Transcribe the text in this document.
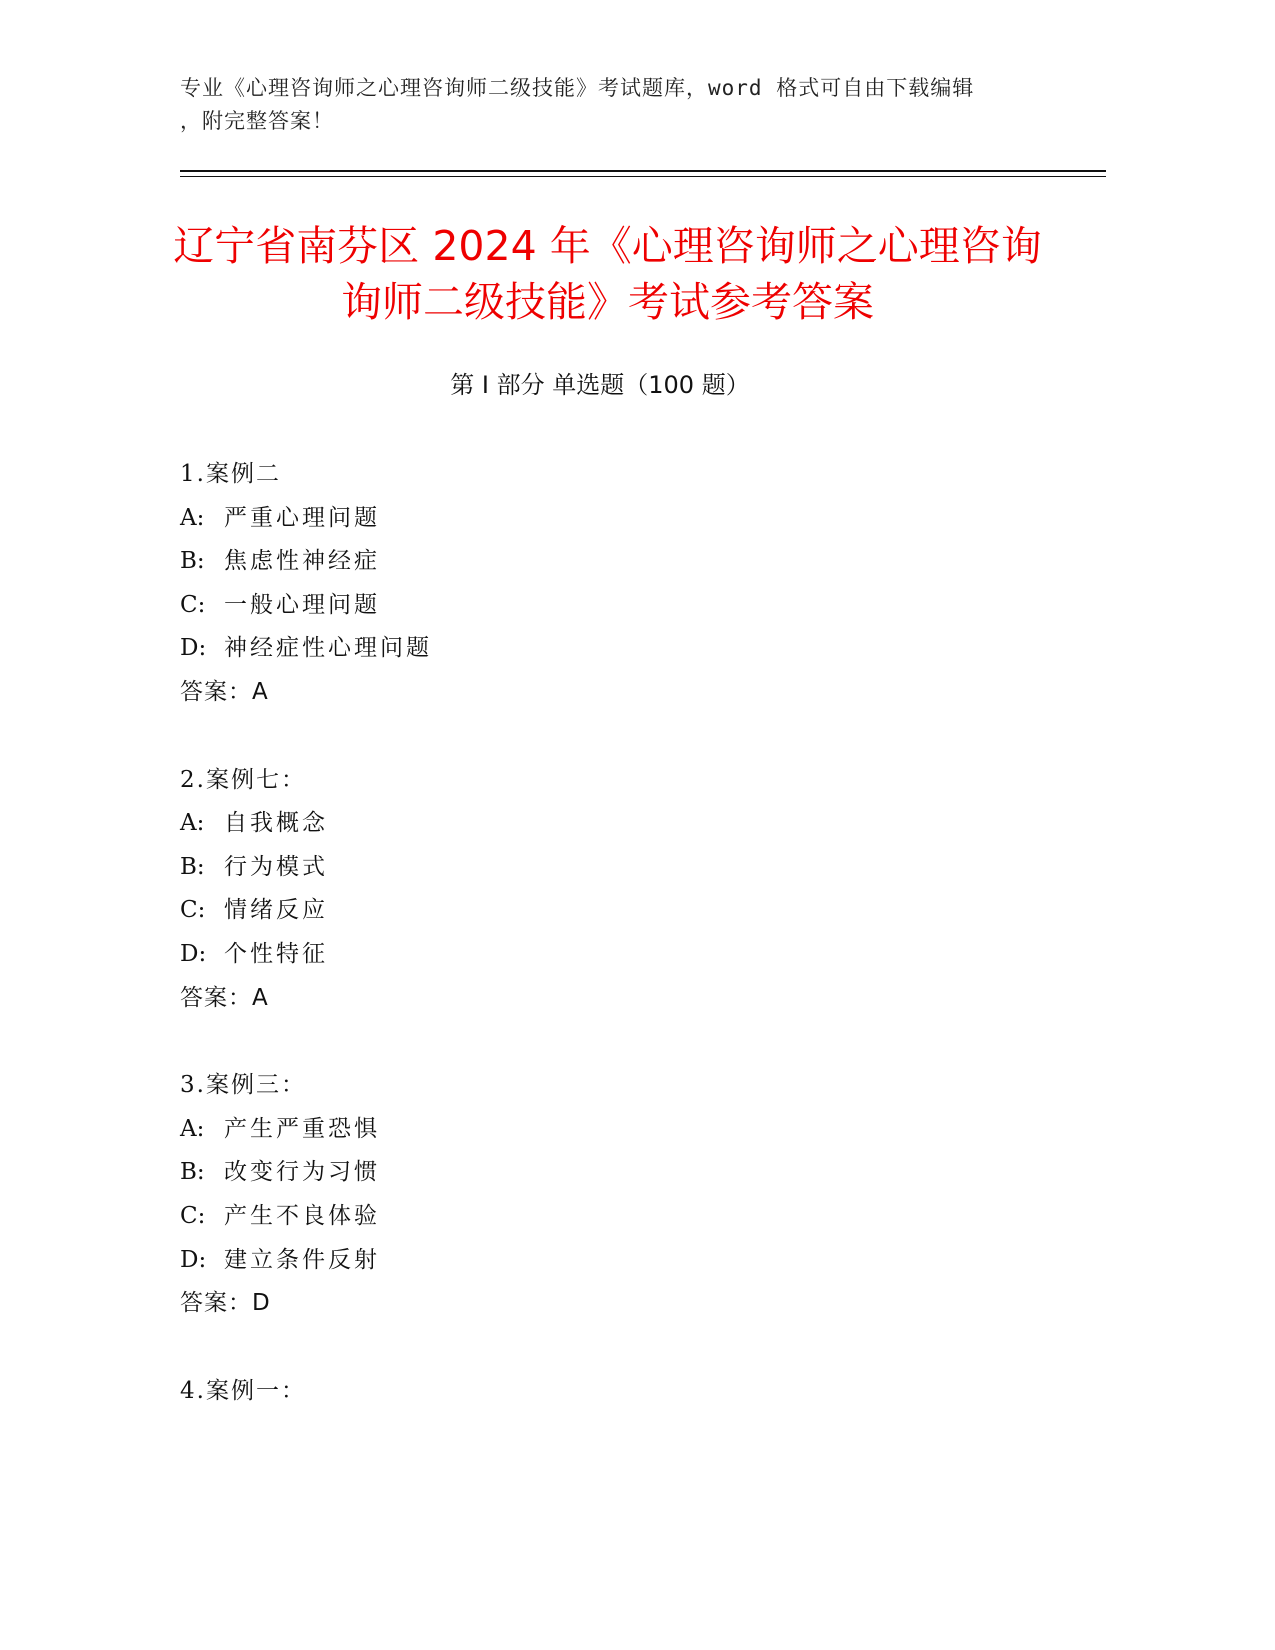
专业《心理咨询师之心理咨询师二级技能》考试题库，word 格式可自由下载编辑
，附完整答案！
辽宁省南芬区 2024 年《心理咨询师之心理咨询
询师二级技能》考试参考答案
第 I 部分 单选题（100 题）
1.案例二
A: 严重心理问题
B: 焦虑性神经症
C: 一般心理问题
D: 神经症性心理问题
答案：A
2.案例七：
A: 自我概念
B: 行为模式
C: 情绪反应
D: 个性特征
答案：A
3.案例三：
A: 产生严重恐惧
B: 改变行为习惯
C: 产生不良体验
D: 建立条件反射
答案：D
4.案例一：
